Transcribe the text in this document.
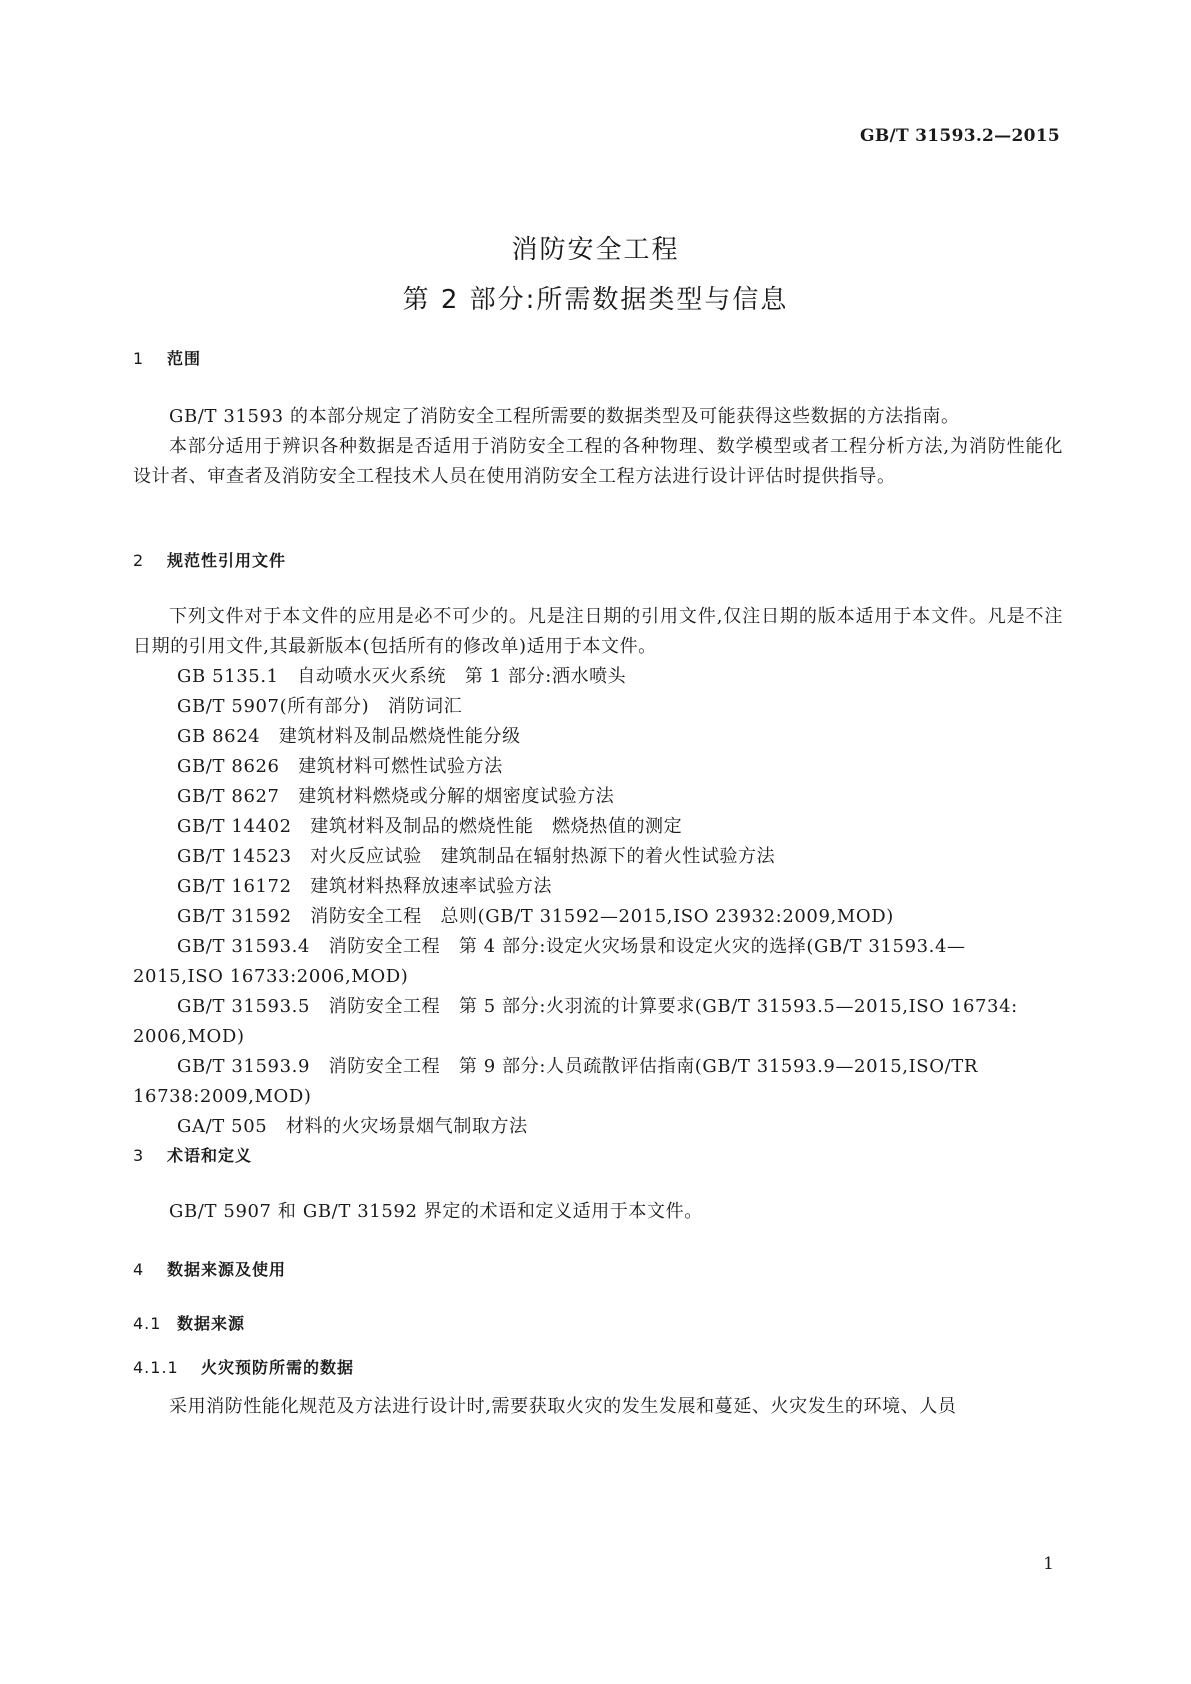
GB/T 31593.2—2015
消防安全工程
第 2 部分:所需数据类型与信息
1 范围

GB/T 31593 的本部分规定了消防安全工程所需要的数据类型及可能获得这些数据的方法指南。

本部分适用于辨识各种数据是否适用于消防安全工程的各种物理、数学模型或者工程分析方法,为消防性能化设计者、审查者及消防安全工程技术人员在使用消防安全工程方法进行设计评估时提供指导。

2 规范性引用文件

下列文件对于本文件的应用是必不可少的。凡是注日期的引用文件,仅注日期的版本适用于本文件。凡是不注日期的引用文件,其最新版本(包括所有的修改单)适用于本文件。

GB 5135.1　自动喷水灭火系统　第 1 部分:洒水喷头

GB/T 5907(所有部分)　消防词汇

GB 8624　建筑材料及制品燃烧性能分级

GB/T 8626　建筑材料可燃性试验方法

GB/T 8627　建筑材料燃烧或分解的烟密度试验方法

GB/T 14402　建筑材料及制品的燃烧性能　燃烧热值的测定

GB/T 14523　对火反应试验　建筑制品在辐射热源下的着火性试验方法

GB/T 16172　建筑材料热释放速率试验方法

GB/T 31592　消防安全工程　总则(GB/T 31592—2015,ISO 23932:2009,MOD)

GB/T 31593.4　消防安全工程　第 4 部分:设定火灾场景和设定火灾的选择(GB/T 31593.4—

2015,ISO 16733:2006,MOD)

GB/T 31593.5　消防安全工程　第 5 部分:火羽流的计算要求(GB/T 31593.5—2015,ISO 16734:

2006,MOD)

GB/T 31593.9　消防安全工程　第 9 部分:人员疏散评估指南(GB/T 31593.9—2015,ISO/TR

16738:2009,MOD)

GA/T 505　材料的火灾场景烟气制取方法

3 术语和定义

GB/T 5907 和 GB/T 31592 界定的术语和定义适用于本文件。

4 数据来源及使用
4.1 数据来源
4.1.1 火灾预防所需的数据

采用消防性能化规范及方法进行设计时,需要获取火灾的发生发展和蔓延、火灾发生的环境、人员

1
